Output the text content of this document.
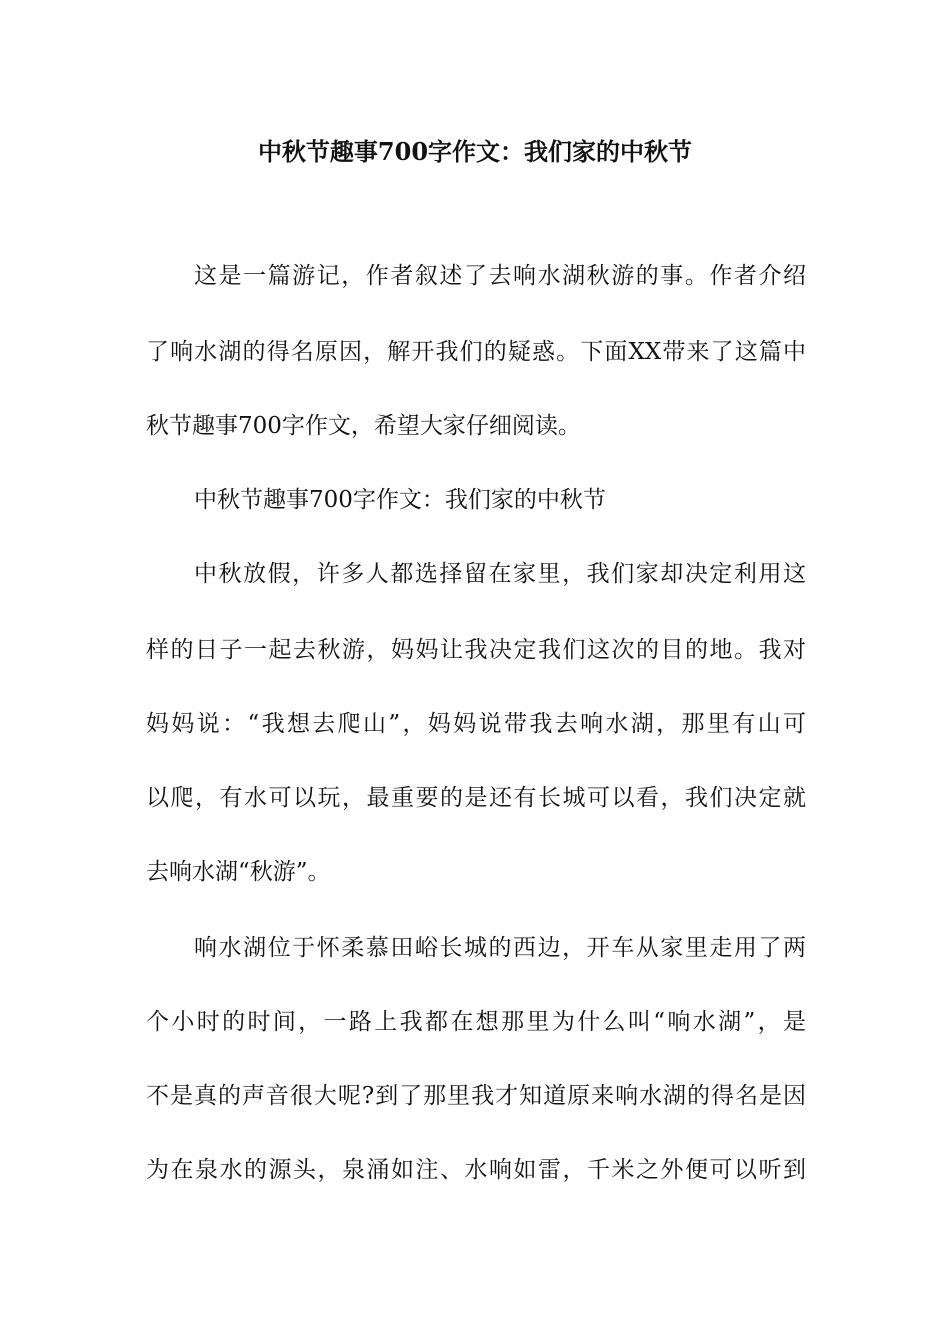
中秋节趣事700字作文：我们家的中秋节

这是一篇游记，作者叙述了去响水湖秋游的事。作者介绍

了响水湖的得名原因，解开我们的疑惑。下面XX带来了这篇中

秋节趣事700字作文，希望大家仔细阅读。

中秋节趣事700字作文：我们家的中秋节

中秋放假，许多人都选择留在家里，我们家却决定利用这

样的日子一起去秋游，妈妈让我决定我们这次的目的地。我对

妈妈说：“我想去爬山”，妈妈说带我去响水湖，那里有山可

以爬，有水可以玩，最重要的是还有长城可以看，我们决定就

去响水湖“秋游”。

响水湖位于怀柔慕田峪长城的西边，开车从家里走用了两

个小时的时间，一路上我都在想那里为什么叫“响水湖”，是

不是真的声音很大呢?到了那里我才知道原来响水湖的得名是因

为在泉水的源头，泉涌如注、水响如雷，千米之外便可以听到
